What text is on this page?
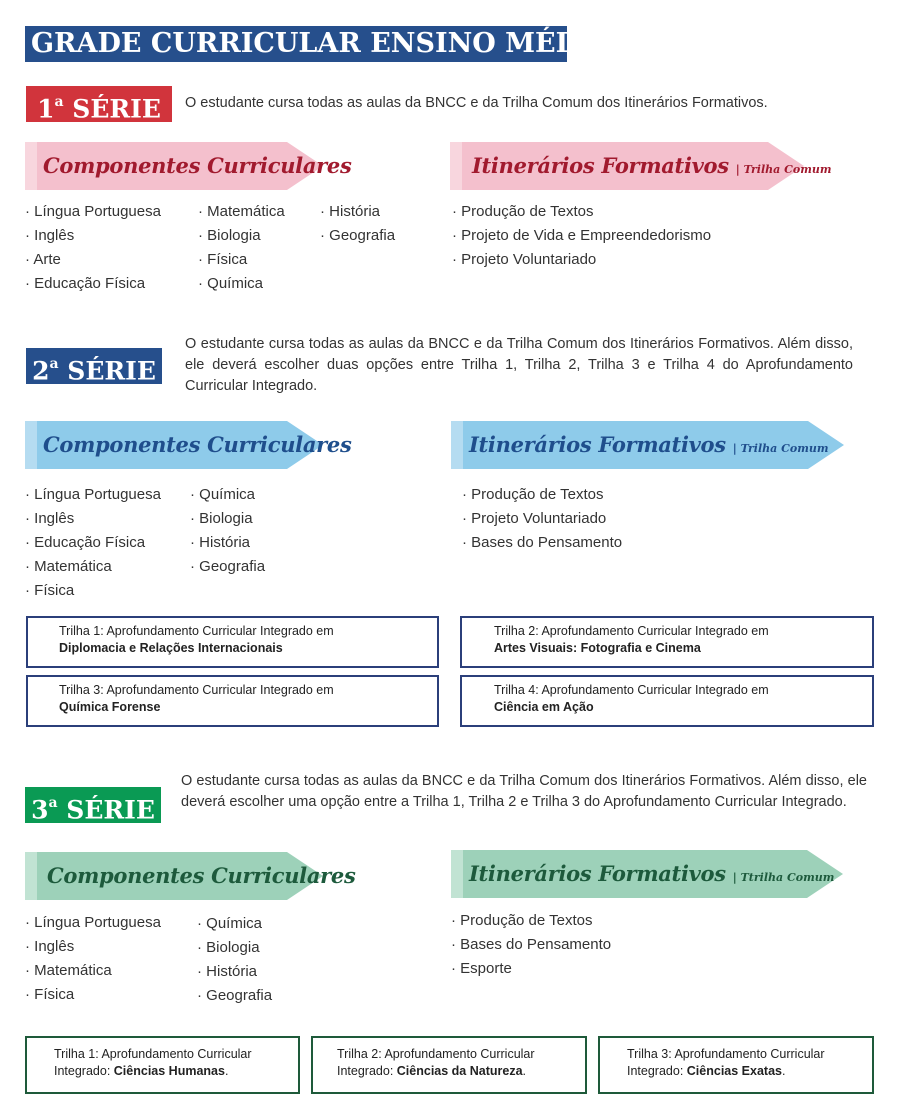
GRADE CURRICULAR ENSINO MÉDIO
1$^a$ SÉRIE	O estudante cursa todas as aulas da BNCC e da Trilha Comum dos Itinerários Formativos.
Componentes Curriculares	Itinerários Formativos | Trilha Comum
· Língua Portuguesa
· Inglês
· Arte
· Educação Física
· Matemática
· Biologia
· Física
· Química
· História
· Geografia
· Produção de Textos
· Projeto de Vida e Empreendedorismo
· Projeto Voluntariado
2$^a$ SÉRIE
O estudante cursa todas as aulas da BNCC e da Trilha Comum dos Itinerários Formativos. Além disso, ele deverá escolher duas opções entre Trilha 1, Trilha 2, Trilha 3 e Trilha 4 do Aprofundamento Curricular Integrado.
Componentes Curriculares	Itinerários Formativos | Trilha Comum
· Língua Portuguesa
· Inglês
· Educação Física
· Matemática
· Física
· Química
· Biologia
· História
· Geografia
· Produção de Textos
· Projeto Voluntariado
· Bases do Pensamento
Trilha 1: Aprofundamento Curricular Integrado em
Diplomacia e Relações Internacionais
Trilha 2: Aprofundamento Curricular Integrado em
Artes Visuais: Fotografia e Cinema
Trilha 3: Aprofundamento Curricular Integrado em
Química Forense
Trilha 4: Aprofundamento Curricular Integrado em
Ciência em Ação
3$^a$ SÉRIE
O estudante cursa todas as aulas da BNCC e da Trilha Comum dos Itinerários Formativos. Além disso, ele deverá escolher uma opção entre a Trilha 1, Trilha 2 e Trilha 3 do Aprofundamento Curricular Integrado.
Componentes Curriculares	Itinerários Formativos | Ttrilha Comum
· Língua Portuguesa
· Inglês
· Matemática
· Física
· Química
· Biologia
· História
· Geografia
· Produção de Textos
· Bases do Pensamento
· Esporte
Trilha 1: Aprofundamento Curricular
Integrado: Ciências Humanas.
Trilha 2: Aprofundamento Curricular
Integrado: Ciências da Natureza.
Trilha 3: Aprofundamento Curricular
Integrado: Ciências Exatas.
